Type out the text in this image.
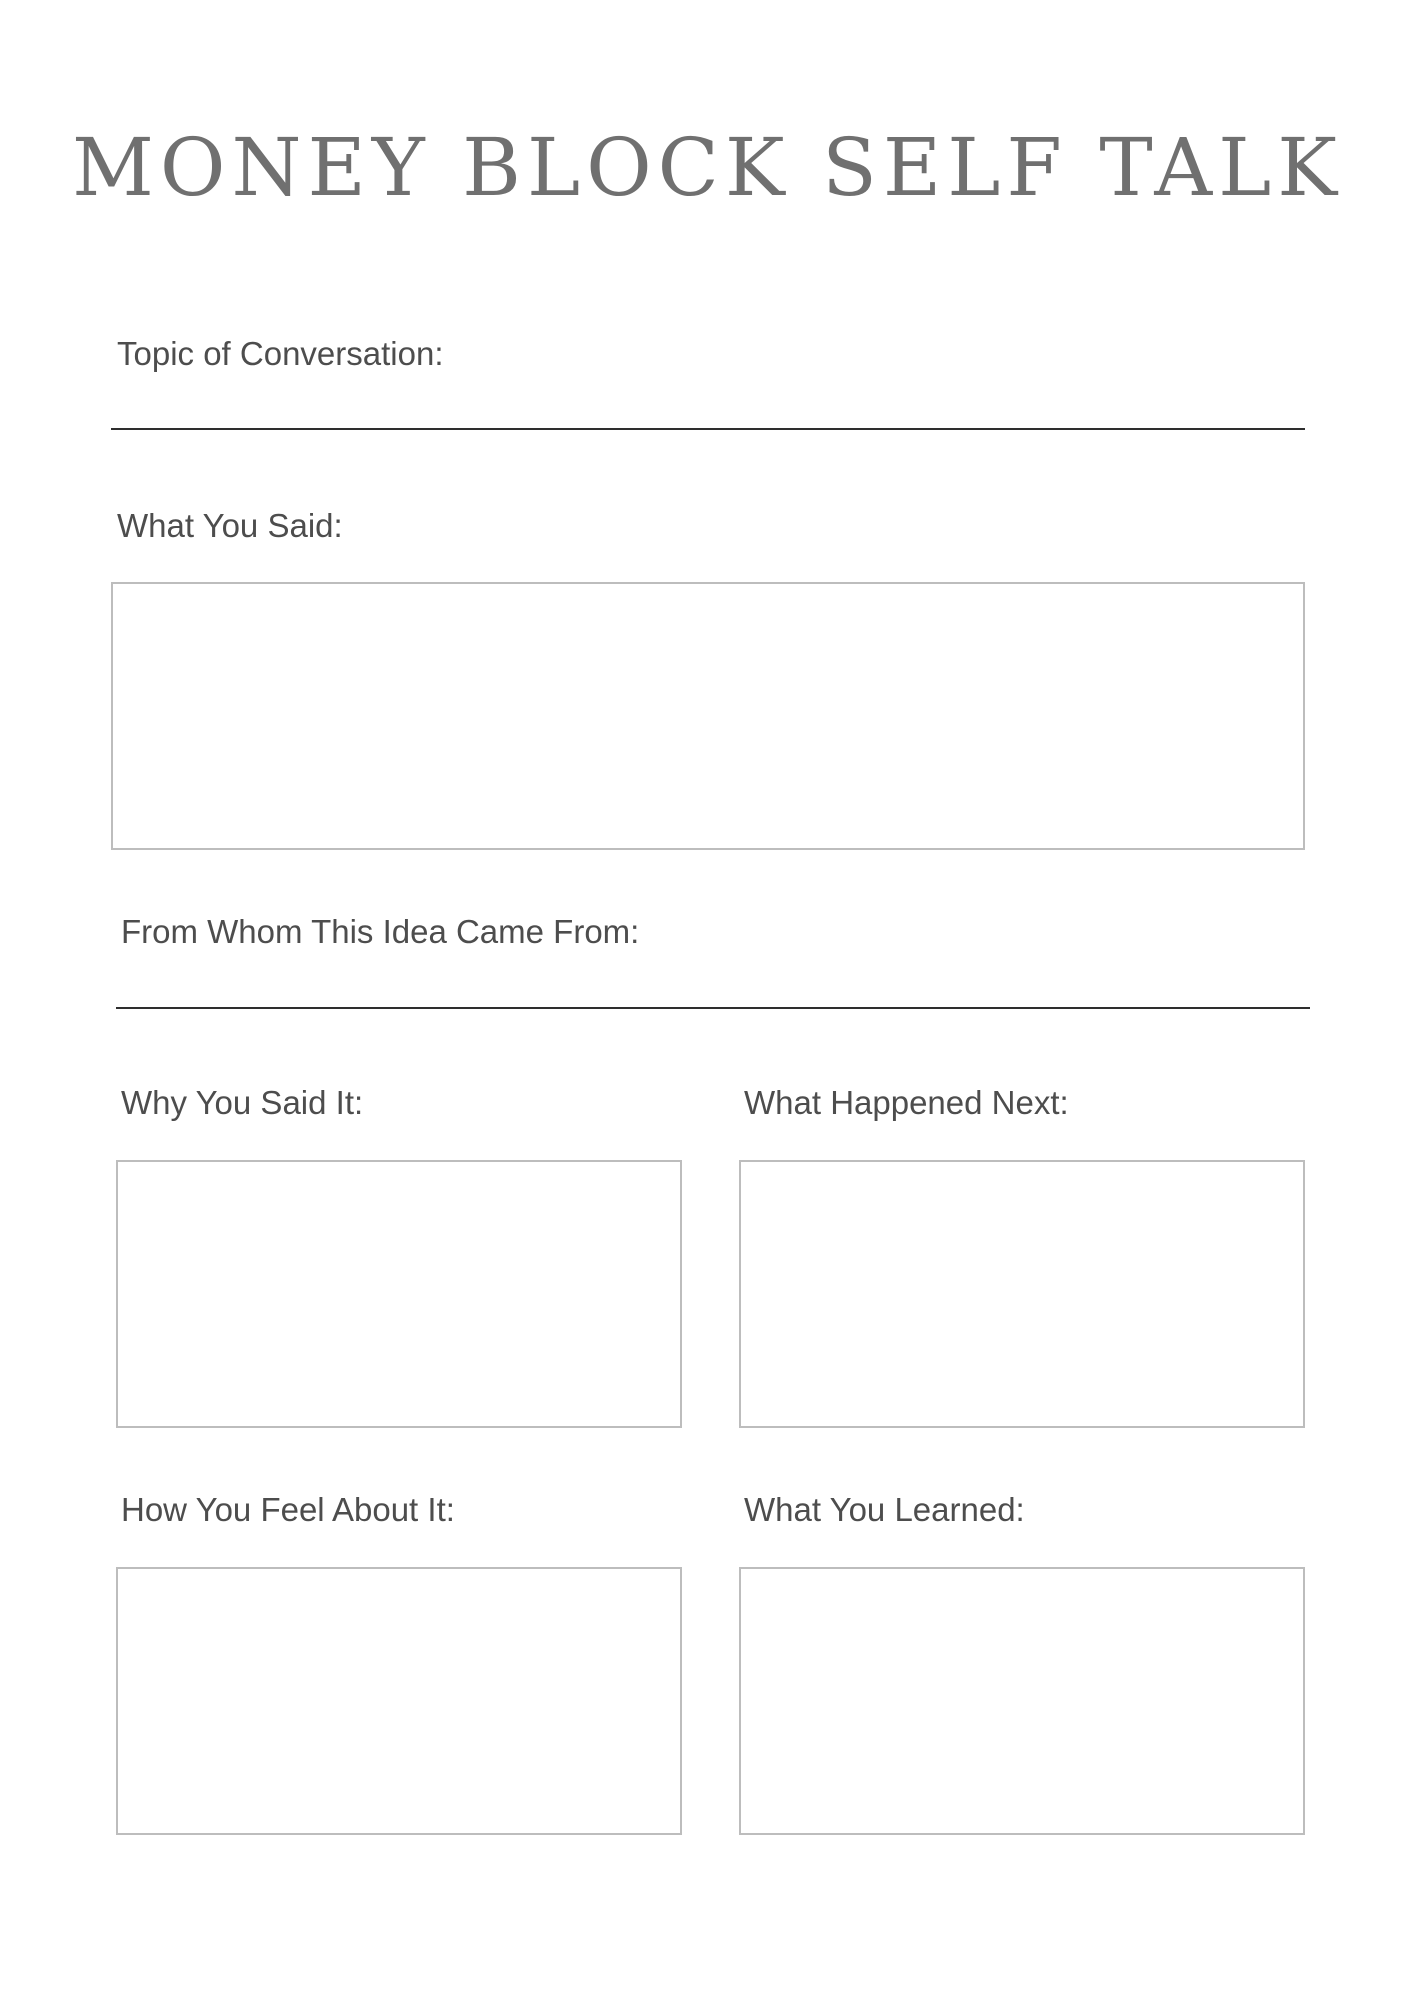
MONEY BLOCK SELF TALK
Topic of Conversation:
What You Said:
From Whom This Idea Came From:
Why You Said It:	What Happened Next:
How You Feel About It:	What You Learned:
